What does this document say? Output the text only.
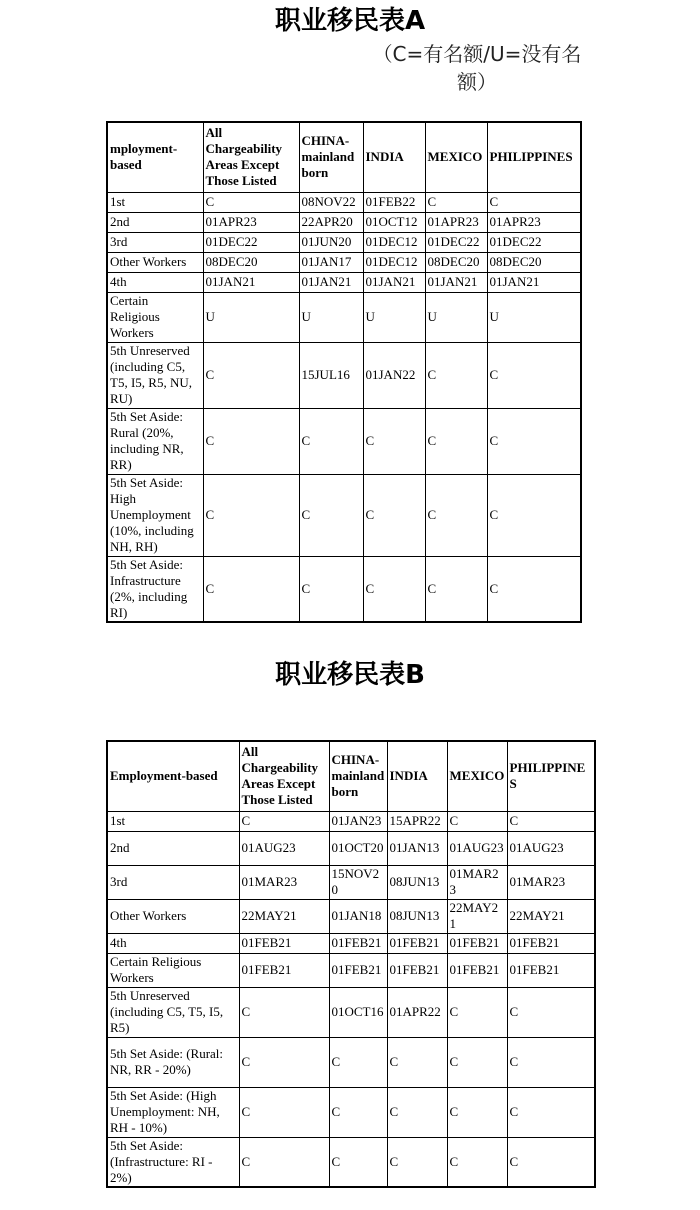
职业移民表A
（C=有名额/U=没有名额）
mployment-based	All Chargeability Areas Except Those Listed	CHINA-mainland born	INDIA	MEXICO	PHILIPPINES
1st	C	08NOV22	01FEB22	C	C
2nd	01APR23	22APR20	01OCT12	01APR23	01APR23
3rd	01DEC22	01JUN20	01DEC12	01DEC22	01DEC22
Other Workers	08DEC20	01JAN17	01DEC12	08DEC20	08DEC20
4th	01JAN21	01JAN21	01JAN21	01JAN21	01JAN21
Certain Religious Workers	U	U	U	U	U
5th Unreserved (including C5, T5, I5, R5, NU, RU)	C	15JUL16	01JAN22	C	C
5th Set Aside: Rural (20%, including NR, RR)	C	C	C	C	C
5th Set Aside: High Unemployment (10%, including NH, RH)	C	C	C	C	C
5th Set Aside: Infrastructure (2%, including RI)	C	C	C	C	C
职业移民表B
Employment-based	All Chargeability Areas Except Those Listed	CHINA-mainland born	INDIA	MEXICO	PHILIPPINES
1st	C	01JAN23	15APR22	C	C
2nd	01AUG23	01OCT20	01JAN13	01AUG23	01AUG23
3rd	01MAR23	15NOV20	08JUN13	01MAR23	01MAR23
Other Workers	22MAY21	01JAN18	08JUN13	22MAY21	22MAY21
4th	01FEB21	01FEB21	01FEB21	01FEB21	01FEB21
Certain Religious Workers	01FEB21	01FEB21	01FEB21	01FEB21	01FEB21
5th Unreserved (including C5, T5, I5, R5)	C	01OCT16	01APR22	C	C
5th Set Aside: (Rural: NR, RR - 20%)	C	C	C	C	C
5th Set Aside: (High Unemployment: NH, RH - 10%)	C	C	C	C	C
5th Set Aside: (Infrastructure: RI - 2%)	C	C	C	C	C
